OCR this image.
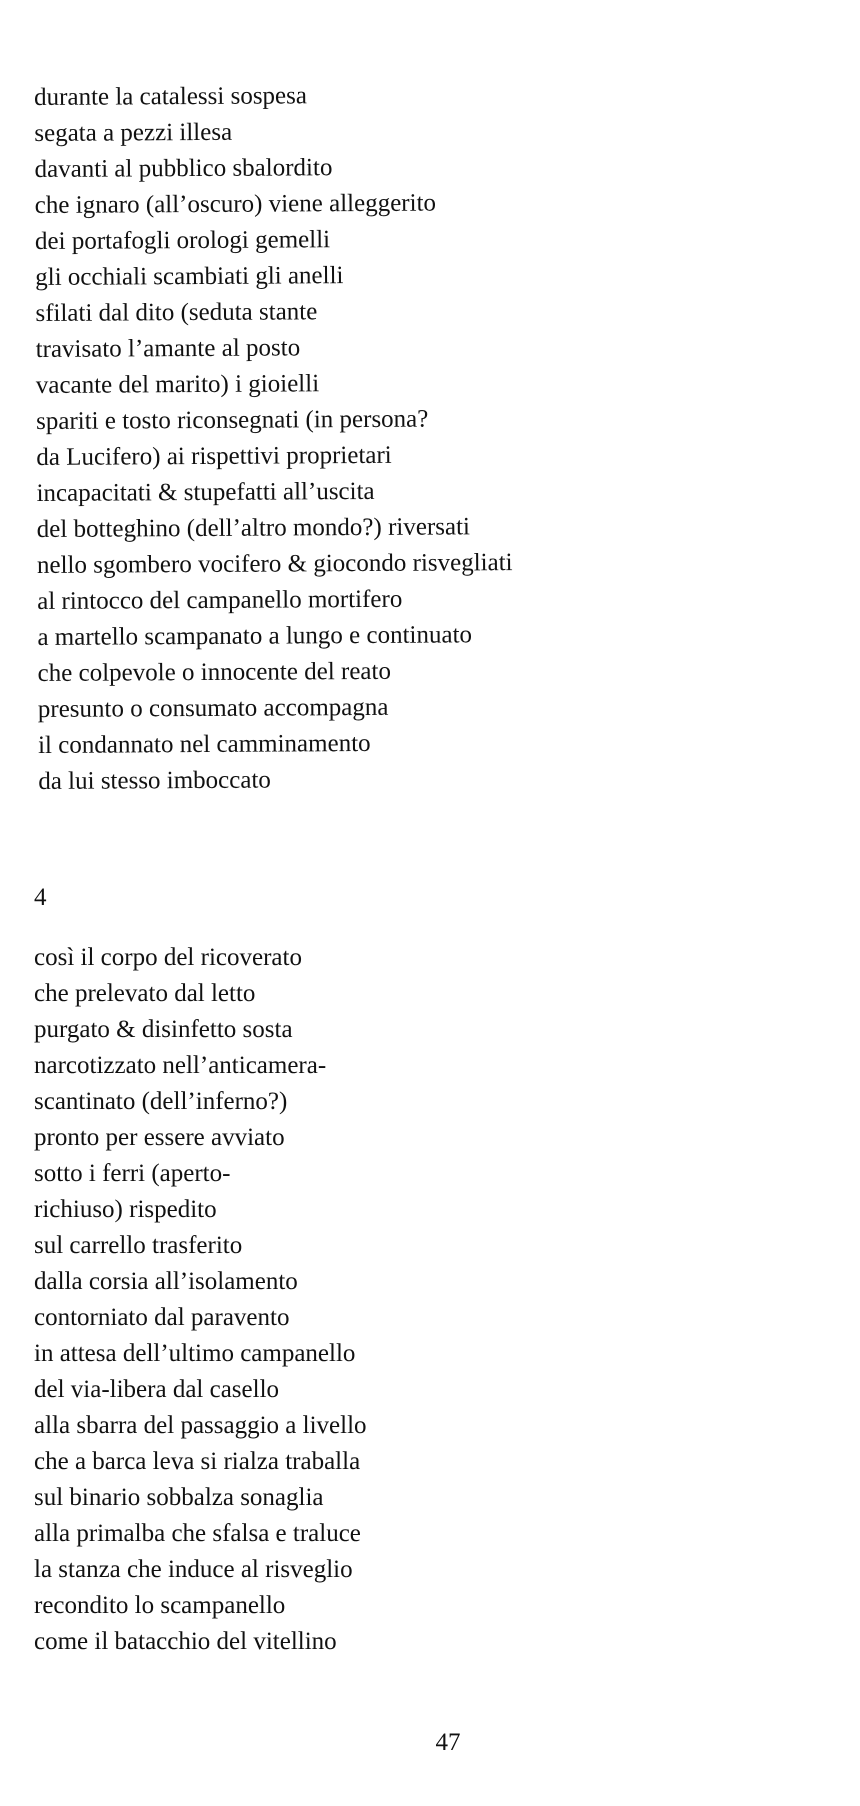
durante la catalessi sospesa
segata a pezzi illesa
davanti al pubblico sbalordito
che ignaro (all’oscuro) viene alleggerito
dei portafogli orologi gemelli
gli occhiali scambiati gli anelli
sfilati dal dito (seduta stante
travisato l’amante al posto
vacante del marito) i gioielli
spariti e tosto riconsegnati (in persona?
da Lucifero) ai rispettivi proprietari
incapacitati & stupefatti all’uscita
del botteghino (dell’altro mondo?) riversati
nello sgombero vocifero & giocondo risvegliati
al rintocco del campanello mortifero
a martello scampanato a lungo e continuato
che colpevole o innocente del reato
presunto o consumato accompagna
il condannato nel camminamento
da lui stesso imboccato
4
così il corpo del ricoverato
che prelevato dal letto
purgato & disinfetto sosta
narcotizzato nell’anticamera-
scantinato (dell’inferno?)
pronto per essere avviato
sotto i ferri (aperto-
richiuso) rispedito
sul carrello trasferito
dalla corsia all’isolamento
contorniato dal paravento
in attesa dell’ultimo campanello
del via-libera dal casello
alla sbarra del passaggio a livello
che a barca leva si rialza traballa
sul binario sobbalza sonaglia
alla primalba che sfalsa e traluce
la stanza che induce al risveglio
recondito lo scampanello
come il batacchio del vitellino
47
